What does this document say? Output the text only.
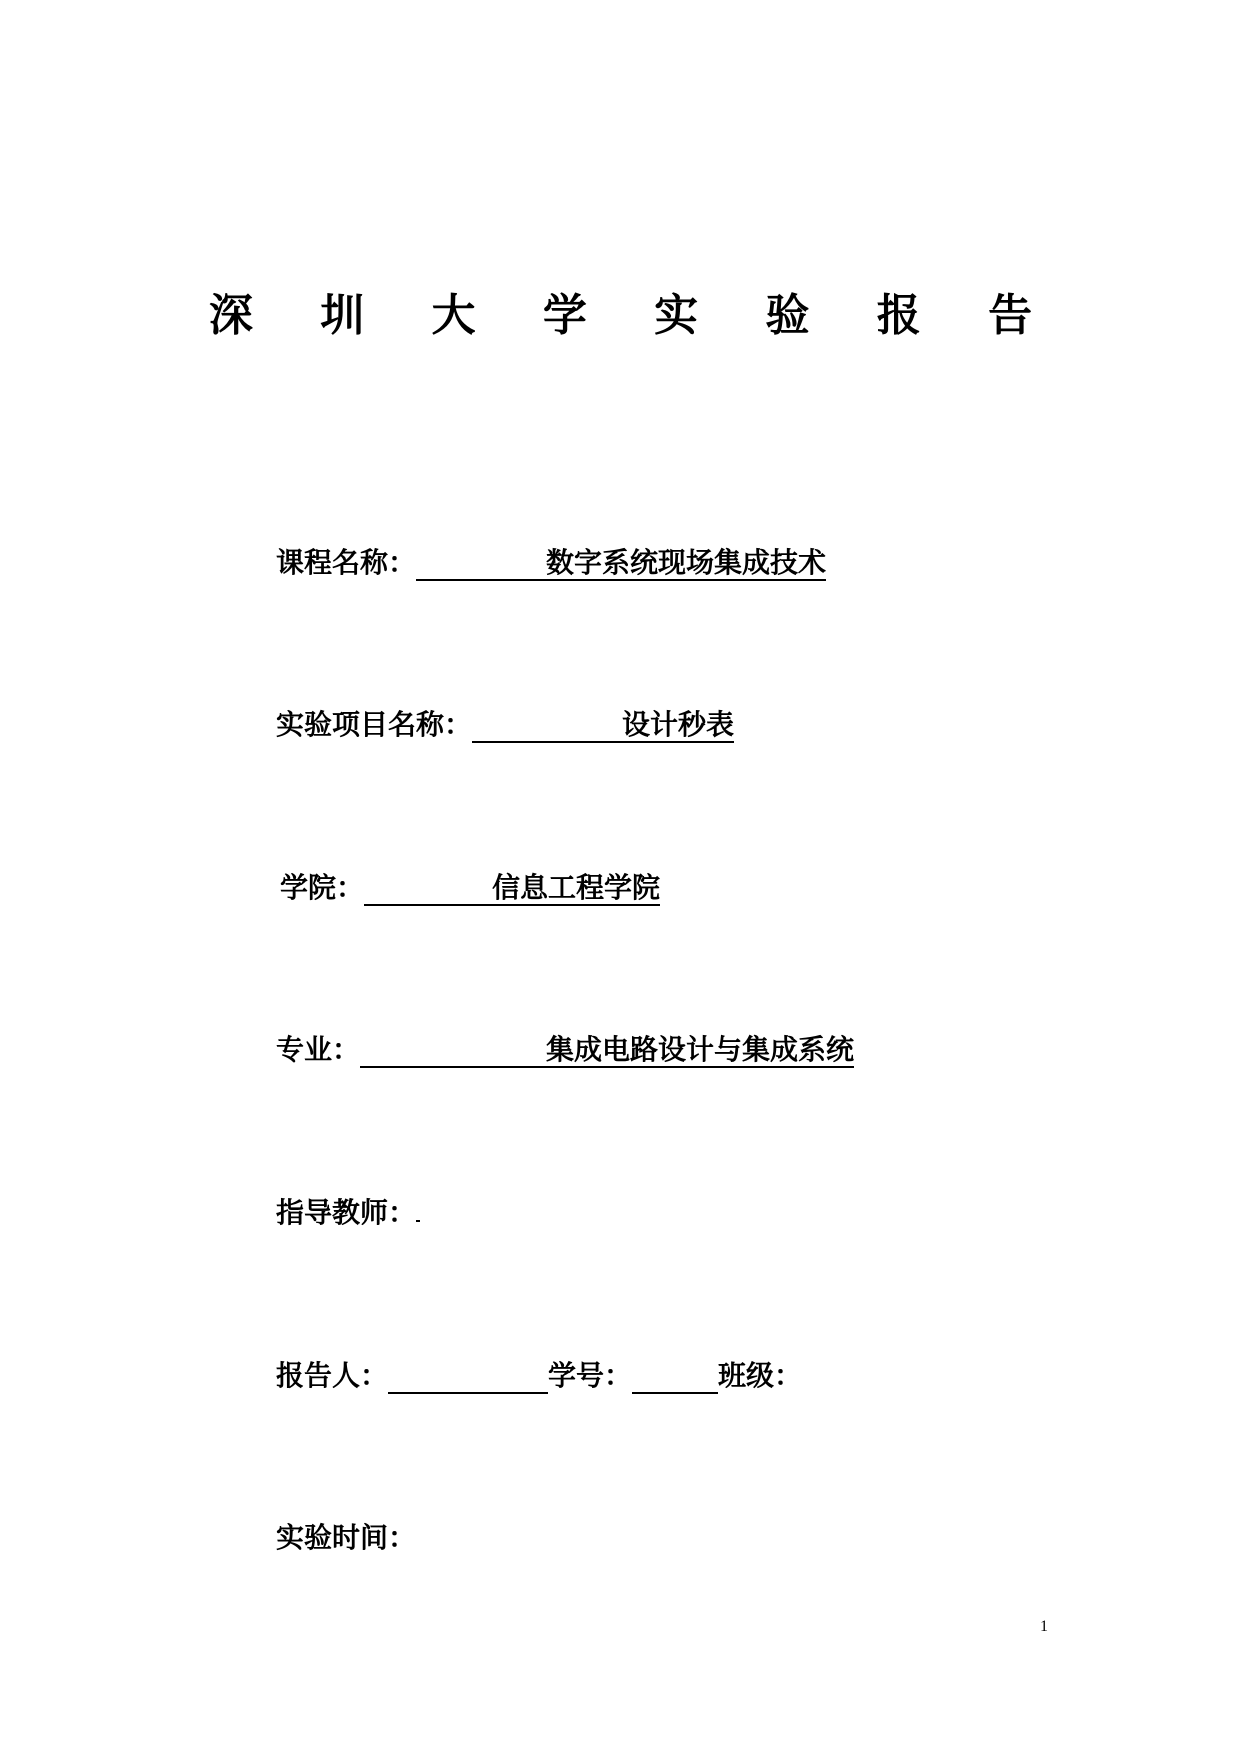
深 圳 大 学 实 验 报 告
课程名称：	数字系统现场集成技术
实验项目名称：	设计秒表
学院：	信息工程学院
专业：	集成电路设计与集成系统
指导教师：
报告人：	学号：	班级：
实验时间：
1
